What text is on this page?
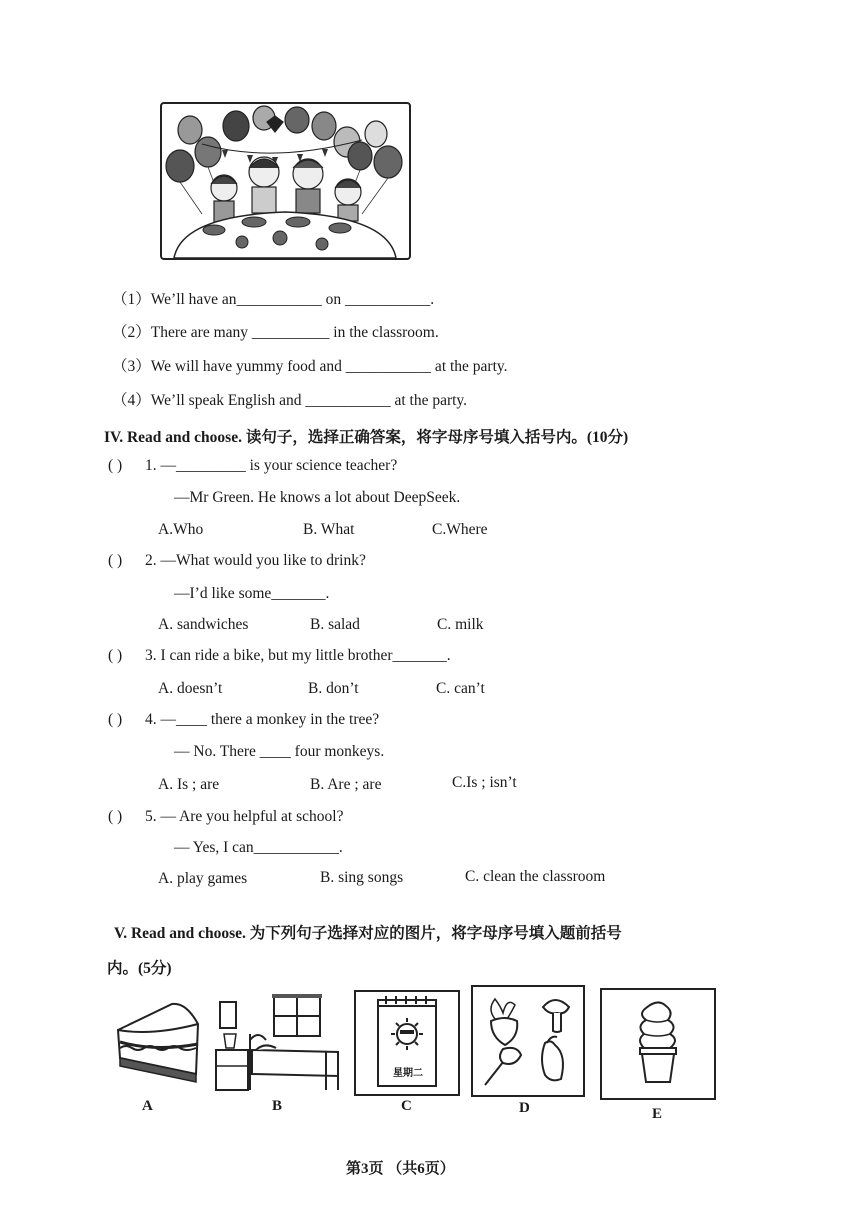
（1）We’ll have an___________ on ___________.
（2）There are many __________ in the classroom.
（3）We will have yummy food and ___________ at the party.
（4）We’ll speak English and ___________ at the party.
IV. Read and choose. 读句子，选择正确答案，将字母序号填入括号内。(10分)
( ) 1. —_________ is your science teacher?
—Mr Green. He knows a lot about DeepSeek.
A.Who	B. What	C.Where
( ) 2. —What would you like to drink?
—I’d like some_______.
A. sandwiches	B. salad	C. milk
( ) 3. I can ride a bike, but my little brother_______.
A. doesn’t	B. don’t	C. can’t
( ) 4. —____ there a monkey in the tree?
— No. There ____ four monkeys.
A. Is ; are	B. Are ; are	C.Is ; isn’t
( ) 5. — Are you helpful at school?
— Yes, I can___________.
A. play games	B. sing songs	C. clean the classroom
V. Read and choose. 为下列句子选择对应的图片，将字母序号填入题前括号
内。(5分)
A	B
星期二
C	D	E
第3页 （共6页）
